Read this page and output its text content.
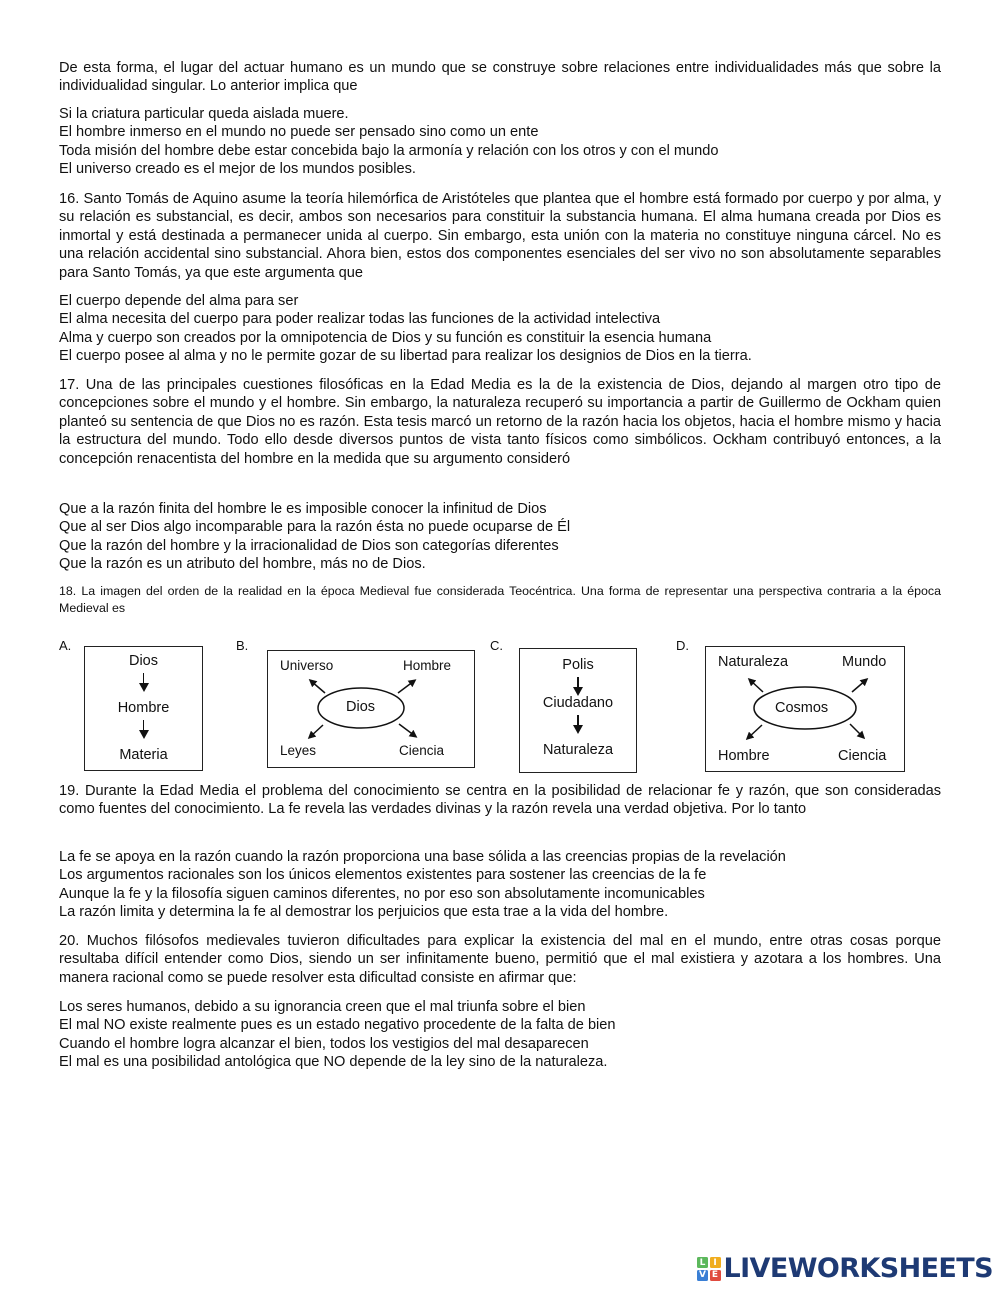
De esta forma, el lugar del actuar humano es un mundo que se construye sobre relaciones entre individualidades más que sobre la individualidad singular. Lo anterior implica que
Si la criatura particular queda aislada muere.
El hombre inmerso en el mundo no puede ser pensado sino como un ente
Toda misión del hombre debe estar concebida bajo la armonía y relación con los otros y con el mundo
El universo creado es el mejor de los mundos posibles.
16. Santo Tomás de Aquino asume la teoría hilemórfica de Aristóteles que plantea que el hombre está formado por cuerpo y por alma, y su relación es substancial, es decir, ambos son necesarios para constituir la substancia humana. El alma humana creada por Dios es inmortal y está destinada a permanecer unida al cuerpo. Sin embargo, esta unión con la materia no constituye ninguna cárcel. No es una relación accidental sino substancial. Ahora bien, estos dos componentes esenciales del ser vivo no son absolutamente separables para Santo Tomás, ya que este argumenta que
El cuerpo depende del alma para ser
El alma necesita del cuerpo para poder realizar todas las funciones de la actividad intelectiva
Alma y cuerpo son creados por la omnipotencia de Dios y su función es constituir la esencia humana
El cuerpo posee al alma y no le permite gozar de su libertad para realizar los designios de Dios en la tierra.
17. Una de las principales cuestiones filosóficas en la Edad Media es la de la existencia de Dios, dejando al margen otro tipo de concepciones sobre el mundo y el hombre. Sin embargo, la naturaleza recuperó su importancia a partir de Guillermo de Ockham quien planteó su sentencia de que Dios no es razón. Esta tesis marcó un retorno de la razón hacia los objetos, hacia el hombre mismo y hacia la estructura del mundo. Todo ello desde diversos puntos de vista tanto físicos como simbólicos. Ockham contribuyó entonces, a la concepción renacentista del hombre en la medida que su argumento consideró
Que a la razón finita del hombre le es imposible conocer la infinitud de Dios
Que al ser Dios algo incomparable para la razón ésta no puede ocuparse de Él
Que la razón del hombre y la irracionalidad de Dios son categorías diferentes
Que la razón es un atributo del hombre, más no de Dios.
18. La imagen del orden de la realidad en la época Medieval fue considerada Teocéntrica. Una forma de representar una perspectiva contraria a la época Medieval es
A.
Dios
Hombre
Materia
B.
Universo	Hombre
Dios
Leyes	Ciencia
C.
Polis
Ciudadano
Naturaleza
D.
Naturaleza	Mundo
Cosmos
Hombre	Ciencia
19. Durante la Edad Media el problema del conocimiento se centra en la posibilidad de relacionar fe y razón, que son consideradas como fuentes del conocimiento. La fe revela las verdades divinas y la razón revela una verdad objetiva. Por lo tanto
La fe se apoya en la razón cuando la razón proporciona una base sólida a las creencias propias de la revelación
Los argumentos racionales son los únicos elementos existentes para sostener las creencias de la fe
Aunque la fe y la filosofía siguen caminos diferentes, no por eso son absolutamente incomunicables
La razón limita y determina la fe al demostrar los perjuicios que esta trae a la vida del hombre.
20. Muchos filósofos medievales tuvieron dificultades para explicar la existencia del mal en el mundo, entre otras cosas porque resultaba difícil entender como Dios, siendo un ser infinitamente bueno, permitió que el mal existiera y azotara a los hombres. Una manera racional como se puede resolver esta dificultad consiste en afirmar que:
Los seres humanos, debido a su ignorancia creen que el mal triunfa sobre el bien
El mal NO existe realmente pues es un estado negativo procedente de la falta de bien
Cuando el hombre logra alcanzar el bien, todos los vestigios del mal desaparecen
El mal es una posibilidad antológica que NO depende de la ley sino de la naturaleza.
L I
V E LIVEWORKSHEETS
